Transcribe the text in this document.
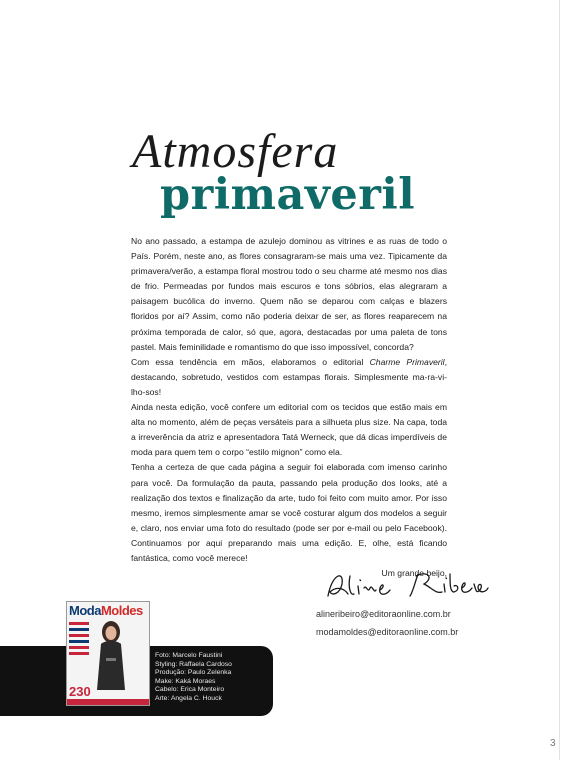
Atmosfera
primaveril

No ano passado, a estampa de azulejo dominou as vitrines e as ruas de todo o País. Porém, neste ano, as flores consagraram-se mais uma vez. Tipicamente da primavera/verão, a estampa floral mostrou todo o seu charme até mesmo nos dias de frio. Permeadas por fundos mais escuros e tons sóbrios, elas alegraram a paisagem bucólica do inverno. Quem não se deparou com calças e blazers floridos por aí? Assim, como não poderia deixar de ser, as flores reaparecem na próxima temporada de calor, só que, agora, destacadas por uma paleta de tons pastel. Mais feminilidade e romantismo do que isso impossível, concorda?

Com essa tendência em mãos, elaboramos o editorial Charme Primaveril, destacando, sobretudo, vestidos com estampas florais. Simplesmente ma-ra-vi-lho-sos!

Ainda nesta edição, você confere um editorial com os tecidos que estão mais em alta no momento, além de peças versáteis para a silhueta plus size. Na capa, toda a irreverência da atriz e apresentadora Tatá Werneck, que dá dicas imperdíveis de moda para quem tem o corpo “estilo mignon” como ela.

Tenha a certeza de que cada página a seguir foi elaborada com imenso carinho para você. Da formulação da pauta, passando pela produção dos looks, até a realização dos textos e finalização da arte, tudo foi feito com muito amor. Por isso mesmo, iremos simplesmente amar se você costurar algum dos modelos a seguir e, claro, nos enviar uma foto do resultado (pode ser por e-mail ou pelo Facebook). Continuamos por aqui preparando mais uma edição. E, olhe, está ficando fantástica, como você merece!

Um grande beijo,

alineribeiro@editoraonline.com.br
modamoldes@editoraonline.com.br
Foto: Marcelo Faustini
Styling: Raffaela Cardoso
Produção: Paulo Zelenka
Make: Kaká Moraes
Cabelo: Erica Monteiro
Arte: Angela C. Houck
ModaMoldes
230
3
